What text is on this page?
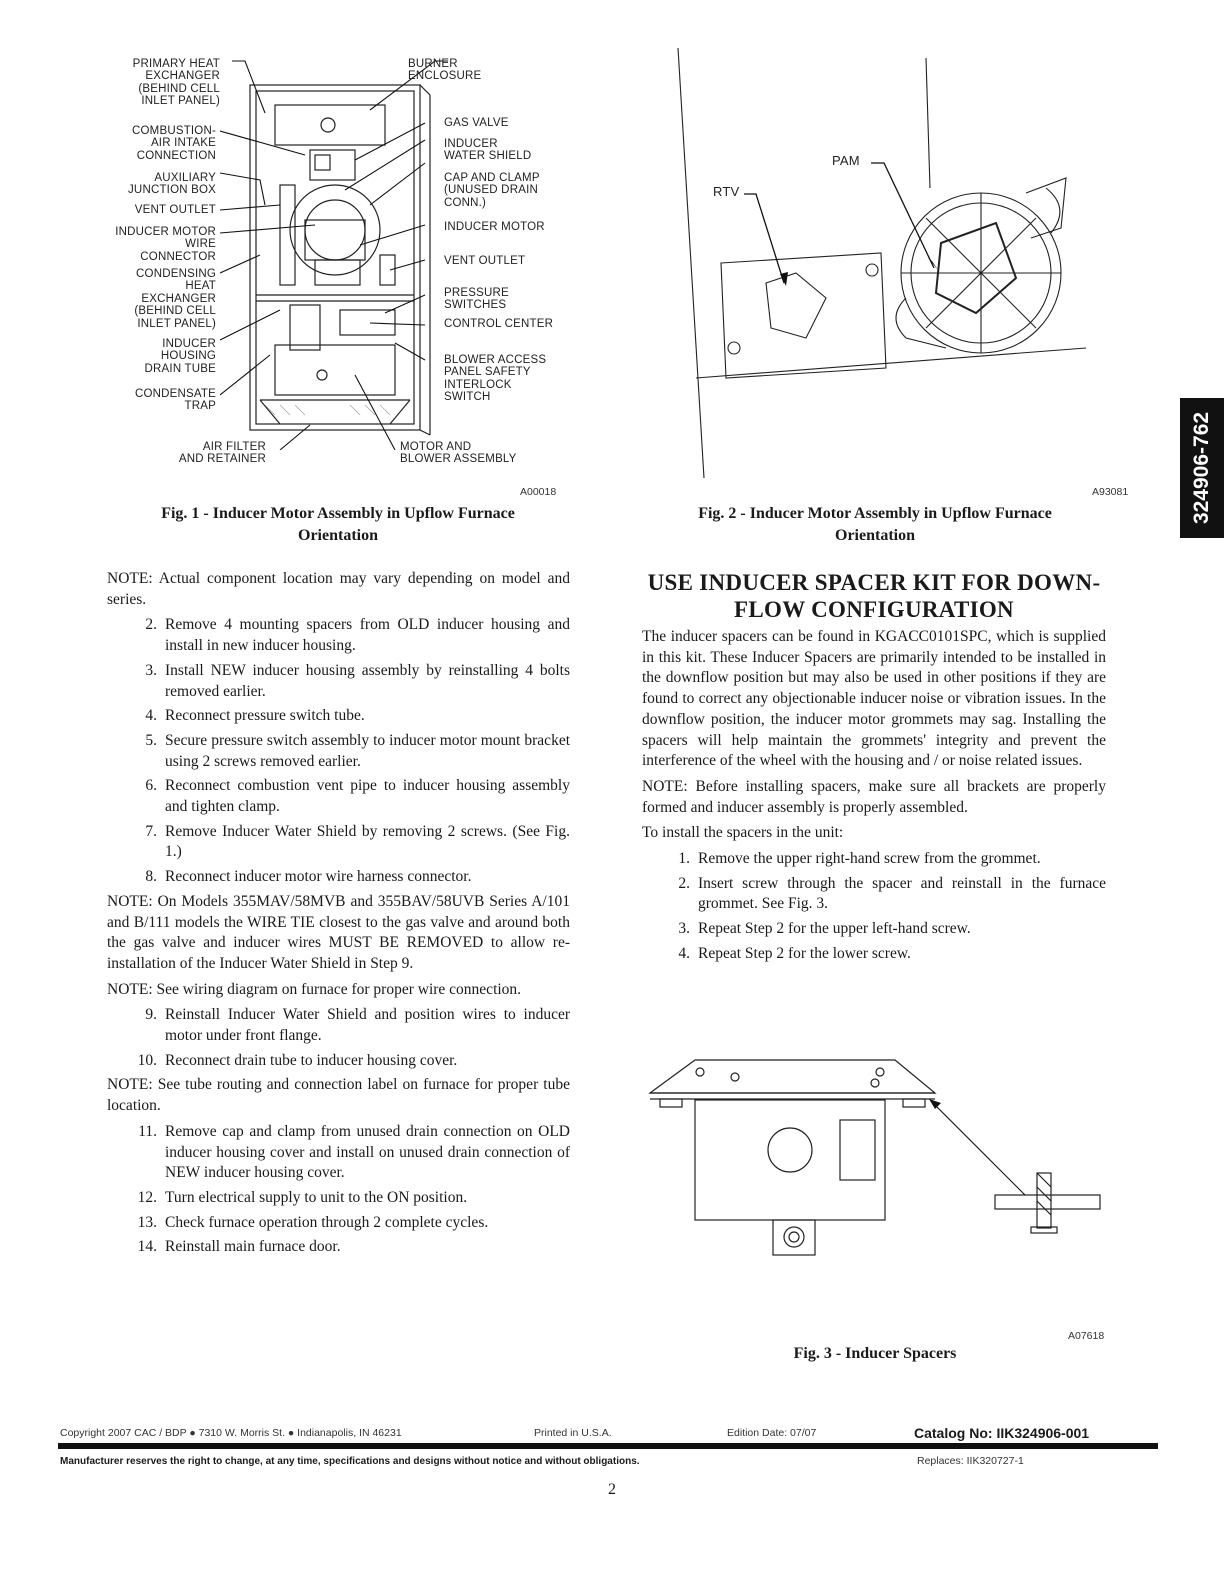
324906-762
PRIMARY HEAT
EXCHANGER
(BEHIND CELL
INLET PANEL)
COMBUSTION-
AIR INTAKE
CONNECTION
AUXILIARY
JUNCTION BOX
VENT OUTLET
INDUCER MOTOR
WIRE
CONNECTOR
CONDENSING
HEAT
EXCHANGER
(BEHIND CELL
INLET PANEL)
INDUCER
HOUSING
DRAIN TUBE
CONDENSATE
TRAP
BURNER
ENCLOSURE
GAS VALVE
INDUCER
WATER SHIELD
CAP AND CLAMP
(UNUSED DRAIN
CONN.)
INDUCER MOTOR
VENT OUTLET
PRESSURE
SWITCHES
CONTROL CENTER
BLOWER ACCESS
PANEL SAFETY
INTERLOCK
SWITCH
AIR FILTER
AND RETAINER
MOTOR AND
BLOWER ASSEMBLY
A00018
Fig. 1 - Inducer Motor Assembly in Upflow Furnace
Orientation
PAM
RTV
A93081
Fig. 2 - Inducer Motor Assembly in Upflow Furnace
Orientation

NOTE: Actual component location may vary depending on model and series.

2. Remove 4 mounting spacers from OLD inducer housing and install in new inducer housing.
3. Install NEW inducer housing assembly by reinstalling 4 bolts removed earlier.
4. Reconnect pressure switch tube.
5. Secure pressure switch assembly to inducer motor mount bracket using 2 screws removed earlier.
6. Reconnect combustion vent pipe to inducer housing assembly and tighten clamp.
7. Remove Inducer Water Shield by removing 2 screws. (See Fig. 1.)
8. Reconnect inducer motor wire harness connector.

NOTE: On Models 355MAV/58MVB and 355BAV/58UVB Series A/101 and B/111 models the WIRE TIE closest to the gas valve and around both the gas valve and inducer wires MUST BE REMOVED to allow re-installation of the Inducer Water Shield in Step 9.

NOTE: See wiring diagram on furnace for proper wire connection.

9. Reinstall Inducer Water Shield and position wires to inducer motor under front flange.
10. Reconnect drain tube to inducer housing cover.

NOTE: See tube routing and connection label on furnace for proper tube location.

11. Remove cap and clamp from unused drain connection on OLD inducer housing cover and install on unused drain connection of NEW inducer housing cover.
12. Turn electrical supply to unit to the ON position.
13. Check furnace operation through 2 complete cycles.
14. Reinstall main furnace door.
USE INDUCER SPACER KIT FOR DOWN-
FLOW CONFIGURATION

The inducer spacers can be found in KGACC0101SPC, which is supplied in this kit. These Inducer Spacers are primarily intended to be installed in the downflow position but may also be used in other positions if they are found to correct any objectionable inducer noise or vibration issues. In the downflow position, the inducer motor grommets may sag. Installing the spacers will help maintain the grommets' integrity and prevent the interference of the wheel with the housing and / or noise related issues.

NOTE: Before installing spacers, make sure all brackets are properly formed and inducer assembly is properly assembled.

To install the spacers in the unit:

1. Remove the upper right-hand screw from the grommet.
2. Insert screw through the spacer and reinstall in the furnace grommet. See Fig. 3.
3. Repeat Step 2 for the upper left-hand screw.
4. Repeat Step 2 for the lower screw.
A07618
Fig. 3 - Inducer Spacers
Copyright 2007 CAC / BDP ● 7310 W. Morris St. ● Indianapolis, IN 46231	Printed in U.S.A.	Edition Date: 07/07	Catalog No: IIK324906-001
Manufacturer reserves the right to change, at any time, specifications and designs without notice and without obligations.	Replaces: IIK320727-1
2
